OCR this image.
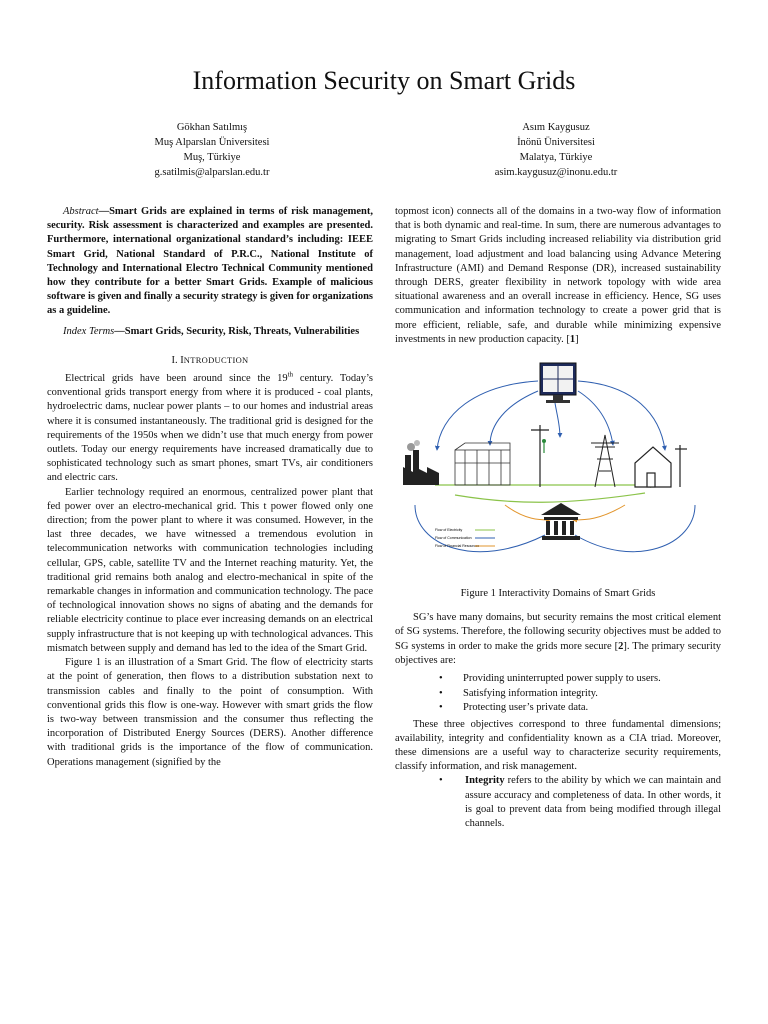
Information Security on Smart Grids
Gökhan Satılmış
Muş Alparslan Üniversitesi
Muş, Türkiye
g.satilmis@alparslan.edu.tr
Asım Kaygusuz
İnönü Üniversitesi
Malatya, Türkiye
asim.kaygusuz@inonu.edu.tr

Abstract—Smart Grids are explained in terms of risk management, security. Risk assessment is characterized and examples are presented. Furthermore, international organizational standard’s including: IEEE Smart Grid, National Standard of P.R.C., National Institute of Technology and International Electro Technical Community mentioned how they contribute for a better Smart Grids. Example of malicious software is given and finally a security strategy is given for organizations as a guideline.

Index Terms—Smart Grids, Security, Risk, Threats, Vulnerabilities

I. INTRODUCTION

Electrical grids have been around since the 19th century. Today’s conventional grids transport energy from where it is produced - coal plants, hydroelectric dams, nuclear power plants – to our homes and industrial areas where it is consumed instantaneously. The traditional grid is designed for the requirements of the 1950s when we didn’t use that much energy from power outlets. Today our energy requirements have increased dramatically due to sophisticated technology such as smart phones, smart TVs, air conditioners and electric cars.

Earlier technology required an enormous, centralized power plant that fed power over an electro-mechanical grid. This t power flowed only one direction; from the power plant to where it was consumed. However, in the last three decades, we have witnessed a tremendous evolution in telecommunication networks with communication technologies including cellular, GPS, cable, satellite TV and the Internet reaching maturity. Yet, the traditional grid remains both analog and electro-mechanical in spite of the remarkable changes in information and communication technology. The pace of technological innovation shows no signs of abating and the demands for reliable electricity continue to place ever increasing demands on an electrical supply infrastructure that is not keeping up with technological advances. This mismatch between supply and demand has led to the idea of the Smart Grid.

Figure 1 is an illustration of a Smart Grid. The flow of electricity starts at the point of generation, then flows to a distribution substation next to transmission cables and finally to the point of consumption. With conventional grids this flow is one-way. However with smart grids the flow is two-way between transmission and the consumer thus reflecting the incorporation of Distributed Energy Sources (DERS). Another difference with traditional grids is the importance of the flow of communication. Operations management (signified by the

topmost icon) connects all of the domains in a two-way flow of information that is both dynamic and real-time. In sum, there are numerous advantages to migrating to Smart Grids including increased reliability via distribution grid management, load adjustment and load balancing using Advance Metering Infrastructure (AMI) and Demand Response (DR), increased sustainability through DERS, greater flexibility in network topology with wide area situational awareness and an overall increase in efficiency. Hence, SG uses communication and information technology to create a power grid that is more efficient, reliable, safe, and durable while minimizing expensive investments in new production capacity. [1]

Flow of Electricity
Flow of Communication
Flow of Financial Resources
Figure 1 Interactivity Domains of Smart Grids

SG’s have many domains, but security remains the most critical element of SG systems. Therefore, the following security objectives must be added to SG systems in order to make the grids more secure [2]. The primary security objectives are:

• Providing uninterrupted power supply to users.
• Satisfying information integrity.
• Protecting user’s private data.

These three objectives correspond to three fundamental dimensions; availability, integrity and confidentiality known as a CIA triad. Moreover, these dimensions are a useful way to characterize security requirements, classify information, and risk management.

• Integrity refers to the ability by which we can maintain and assure accuracy and completeness of data. In other words, it is goal to prevent data from being modified through illegal channels.
